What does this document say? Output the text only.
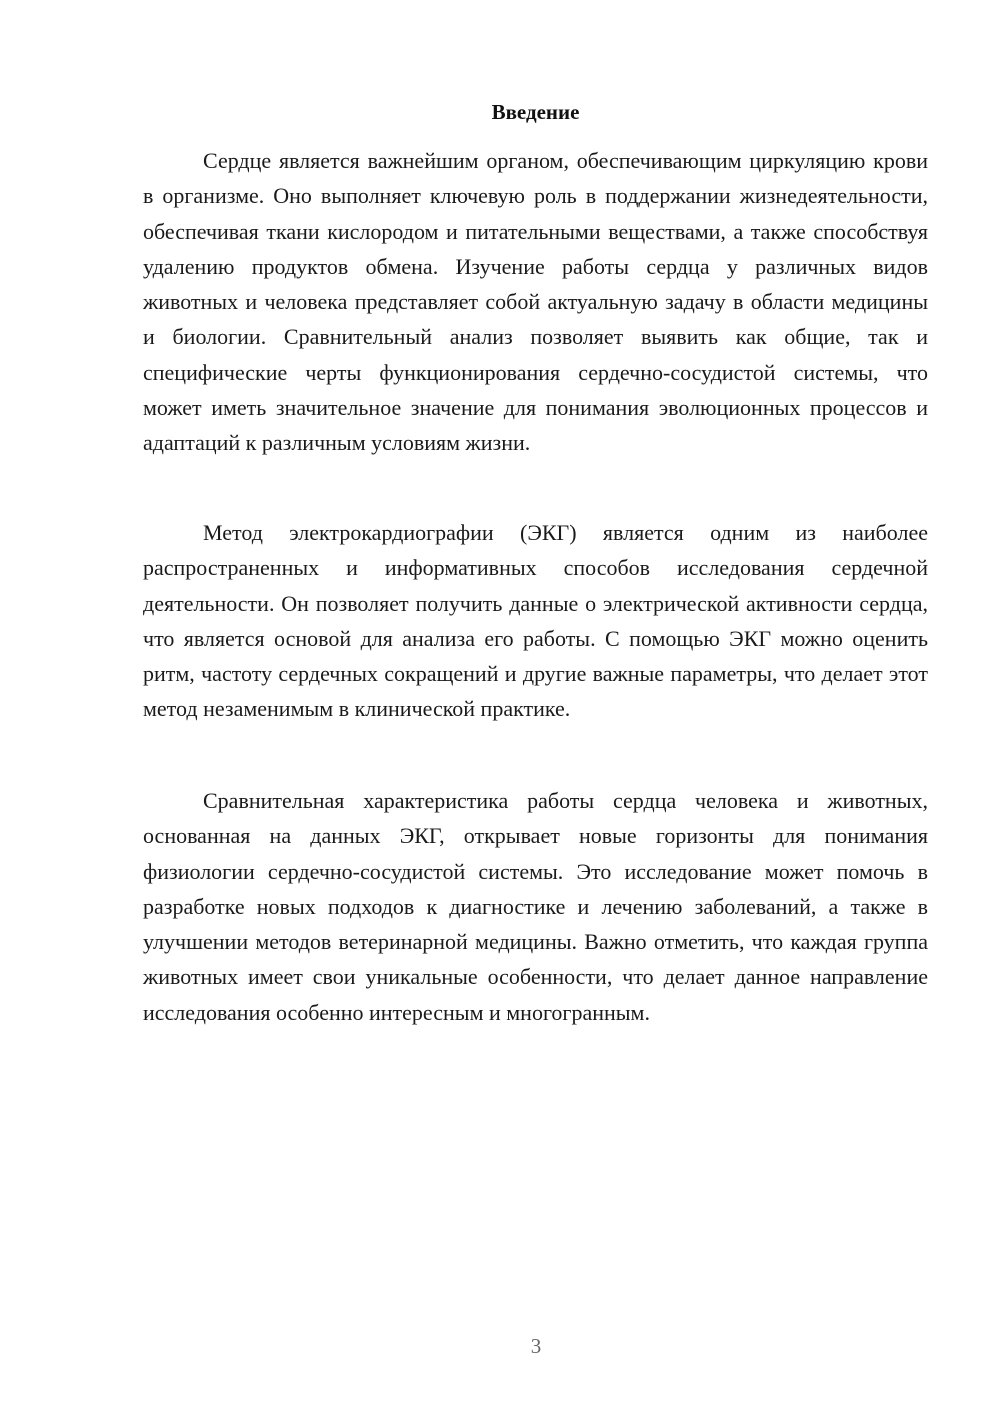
Введение

Сердце является важнейшим органом, обеспечивающим циркуляцию крови в организме. Оно выполняет ключевую роль в поддержании жизнедеятельности, обеспечивая ткани кислородом и питательными веществами, а также способствуя удалению продуктов обмена. Изучение работы сердца у различных видов животных и человека представляет собой актуальную задачу в области медицины и биологии. Сравнительный анализ позволяет выявить как общие, так и специфические черты функционирования сердечно-сосудистой системы, что может иметь значительное значение для понимания эволюционных процессов и адаптаций к различным условиям жизни.

Метод электрокардиографии (ЭКГ) является одним из наиболее распространенных и информативных способов исследования сердечной деятельности. Он позволяет получить данные о электрической активности сердца, что является основой для анализа его работы. С помощью ЭКГ можно оценить ритм, частоту сердечных сокращений и другие важные параметры, что делает этот метод незаменимым в клинической практике.

Сравнительная характеристика работы сердца человека и животных, основанная на данных ЭКГ, открывает новые горизонты для понимания физиологии сердечно-сосудистой системы. Это исследование может помочь в разработке новых подходов к диагностике и лечению заболеваний, а также в улучшении методов ветеринарной медицины. Важно отметить, что каждая группа животных имеет свои уникальные особенности, что делает данное направление исследования особенно интересным и многогранным.

3
